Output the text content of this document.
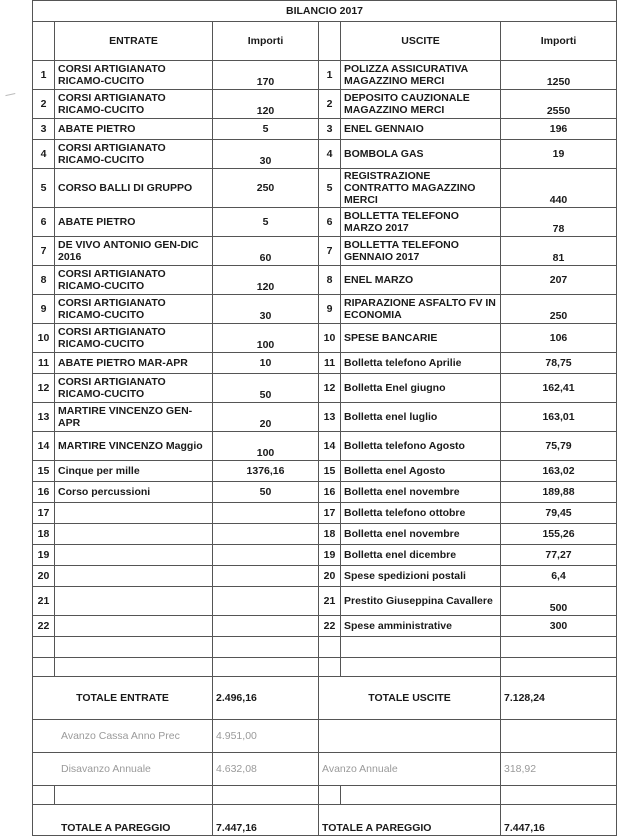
BILANCIO 2017					
	ENTRATE	Importi		USCITE	Importi
1	CORSI ARTIGIANATO RICAMO-CUCITO	170	1	POLIZZA ASSICURATIVA MAGAZZINO MERCI	1250
2	CORSI ARTIGIANATO RICAMO-CUCITO	120	2	DEPOSITO CAUZIONALE MAGAZZINO MERCI	2550
3	ABATE PIETRO	5	3	ENEL GENNAIO	196
4	CORSI ARTIGIANATO RICAMO-CUCITO	30	4	BOMBOLA GAS	19
5	CORSO BALLI DI GRUPPO	250	5	REGISTRAZIONE CONTRATTO MAGAZZINO MERCI	440
6	ABATE PIETRO	5	6	BOLLETTA TELEFONO MARZO 2017	78
7	DE VIVO ANTONIO GEN-DIC 2016	60	7	BOLLETTA TELEFONO GENNAIO 2017	81
8	CORSI ARTIGIANATO RICAMO-CUCITO	120	8	ENEL MARZO	207
9	CORSI ARTIGIANATO RICAMO-CUCITO	30	9	RIPARAZIONE ASFALTO FV IN ECONOMIA	250
10	CORSI ARTIGIANATO RICAMO-CUCITO	100	10	SPESE BANCARIE	106
11	ABATE PIETRO MAR-APR	10	11	Bolletta telefono Aprilie	78,75
12	CORSI ARTIGIANATO RICAMO-CUCITO	50	12	Bolletta Enel giugno	162,41
13	MARTIRE VINCENZO GEN-APR	20	13	Bolletta enel luglio	163,01
14	MARTIRE VINCENZO Maggio	100	14	Bolletta telefono Agosto	75,79
15	Cinque per mille	1376,16	15	Bolletta enel Agosto	163,02
16	Corso percussioni	50	16	Bolletta enel novembre	189,88
17			17	Bolletta telefono ottobre	79,45
18			18	Bolletta enel novembre	155,26
19			19	Bolletta enel dicembre	77,27
20			20	Spese spedizioni postali	6,4
21			21	Prestito Giuseppina Cavallere	500
22			22	Spese amministrative	300

TOTALE ENTRATE		2.496,16	TOTALE USCITE		7.128,24
Avanzo Cassa Anno Prec		4.951,00			
Disavanzo Annuale		4.632,08	Avanzo Annuale		318,92

TOTALE A PAREGGIO		7.447,16	TOTALE A PAREGGIO		7.447,16
